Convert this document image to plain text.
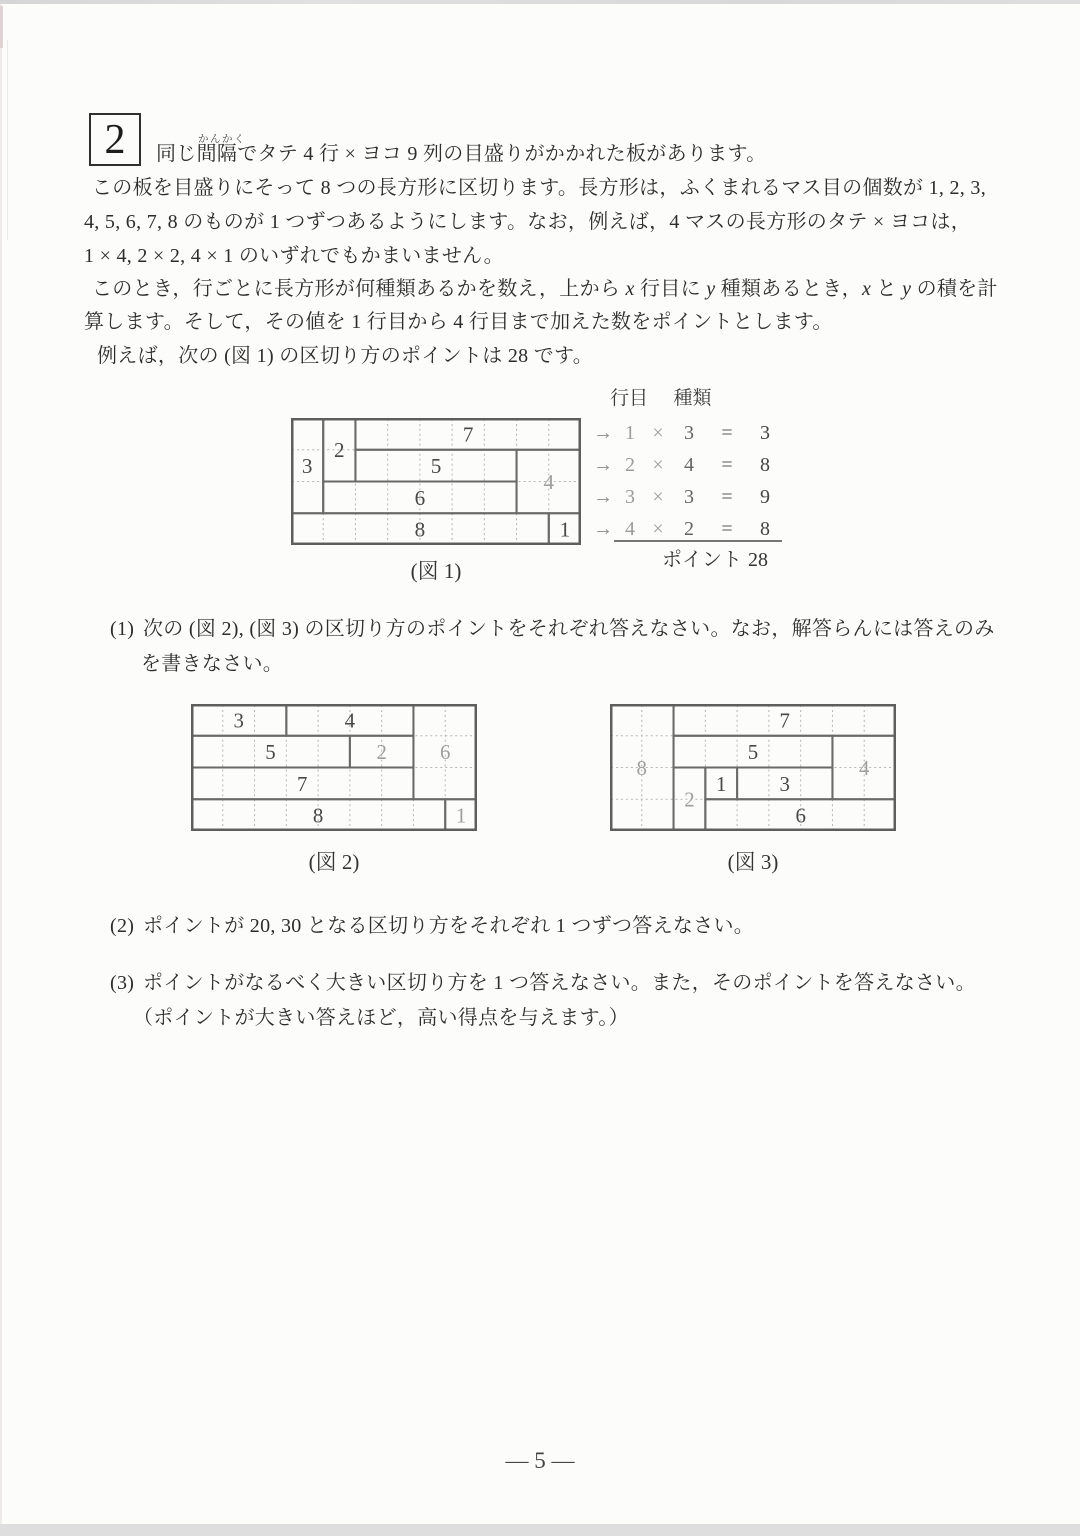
2	かんかく
同じ間隔でタテ 4 行 × ヨコ 9 列の目盛りがかかれた板があります。
この板を目盛りにそって 8 つの長方形に区切ります。長方形は，ふくまれるマス目の個数が 1, 2, 3,
4, 5, 6, 7, 8 のものが 1 つずつあるようにします。なお，例えば，4 マスの長方形のタテ × ヨコは，
1 × 4, 2 × 2, 4 × 1 のいずれでもかまいません。
このとき，行ごとに長方形が何種類あるかを数え，上から x 行目に y 種類あるとき，x と y の積を計
算します。そして，その値を 1 行目から 4 行目まで加えた数をポイントとします。
例えば，次の (図 1) の区切り方のポイントは 28 です。
3
2
7
5
4
6
8	1
(図 1)
→
→
→
→
行目 種類
1 ×	3	=	3
2 ×	4	=	8
3 ×	3	=	9
4 ×	2	=	8
ポイント 28
(1) 次の (図 2), (図 3) の区切り方のポイントをそれぞれ答えなさい。なお，解答らんには答えのみ
を書きなさい。
3	4
6
5	2
7
8	1
(図 2)
8
7
5
4
2
1	3
6
(図 3)
(2) ポイントが 20, 30 となる区切り方をそれぞれ 1 つずつ答えなさい。
(3) ポイントがなるべく大きい区切り方を 1 つ答えなさい。また，そのポイントを答えなさい。
（ポイントが大きい答えほど，高い得点を与えます。）
— 5 —
